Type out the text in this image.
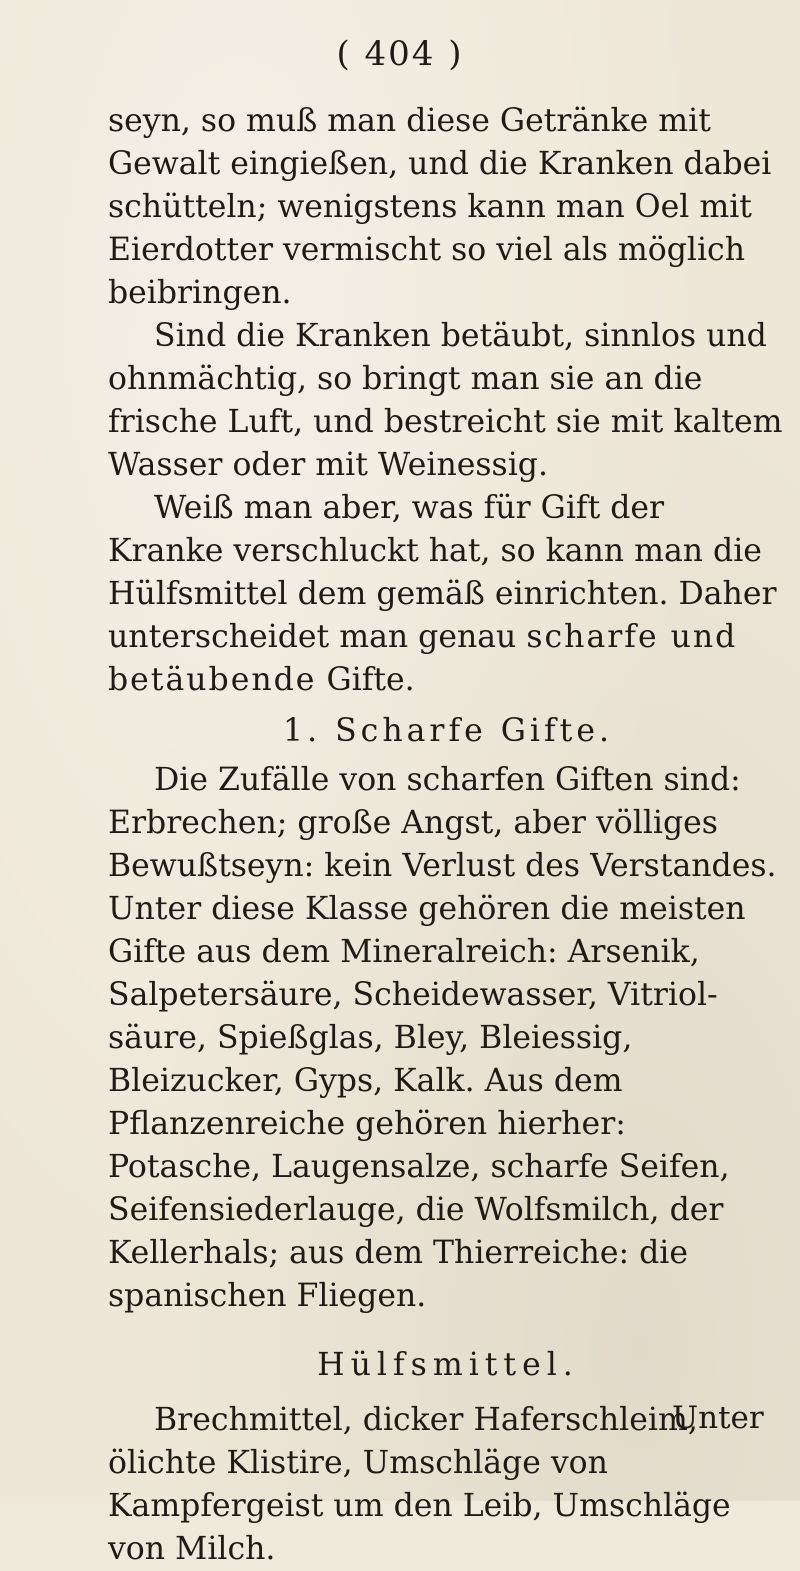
( 404 )

seyn, so muß man diese Getränke mit Gewalt eingießen, und die Kranken dabei schütteln; wenigstens kann man Oel mit Eierdotter vermischt so viel als möglich beibringen.

Sind die Kranken betäubt, sinnlos und ohnmächtig, so bringt man sie an die frische Luft, und bestreicht sie mit kaltem Wasser oder mit Weinessig.

Weiß man aber, was für Gift der Kranke verschluckt hat, so kann man die Hülfsmittel dem gemäß einrichten. Daher unterscheidet man genau scharfe und betäubende Gifte.

1. Scharfe Gifte.

Die Zufälle von scharfen Giften sind: Erbrechen; große Angst, aber völliges Bewußtseyn: kein Verlust des Verstandes. Unter diese Klasse gehören die meisten Gifte aus dem Mineralreich: Arsenik, Salpetersäure, Scheidewasser, Vitriolsäure, Spießglas, Bley, Bleiessig, Bleizucker, Gyps, Kalk. Aus dem Pflanzenreiche gehören hierher: Potasche, Laugensalze, scharfe Seifen, Seifensiederlauge, die Wolfsmilch, der Kellerhals; aus dem Thierreiche: die spanischen Fliegen.

Hülfsmittel.

Brechmittel, dicker Haferschleim, ölichte Klistire, Umschläge von Kampfergeist um den Leib, Umschläge von Milch.

Unter
